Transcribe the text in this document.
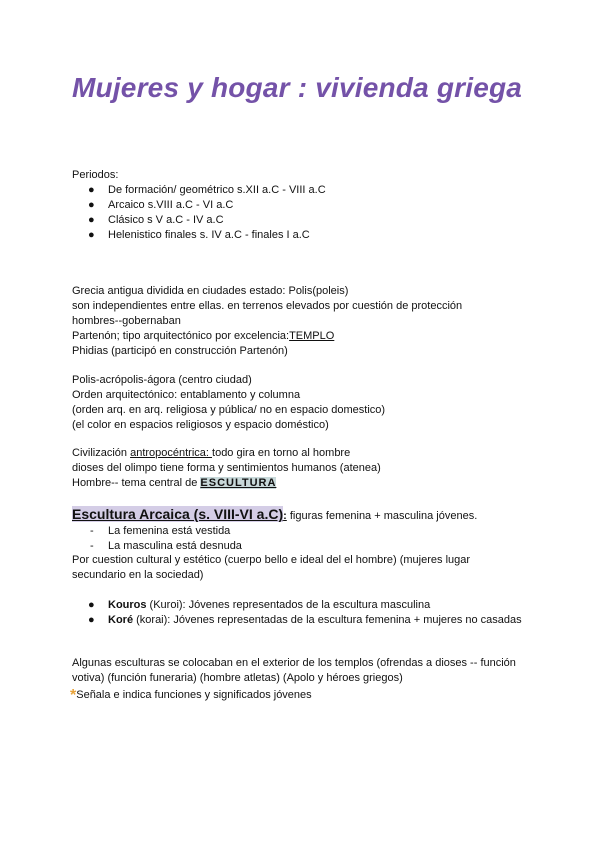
Mujeres y hogar : vivienda griega
Periodos:
● De formación/ geométrico s.XII a.C - VIII a.C
● Arcaico s.VIII a.C - VI a.C
● Clásico s V a.C - IV a.C
● Helenistico finales s. IV a.C - finales I a.C
Grecia antigua dividida en ciudades estado: Polis(poleis)
son independientes entre ellas. en terrenos elevados por cuestión de protección
hombres--gobernaban
Partenón; tipo arquitectónico por excelencia:TEMPLO
Phidias (participó en construcción Partenón)
Polis-acrópolis-ágora (centro ciudad)
Orden arquitectónico: entablamento y columna
(orden arq. en arq. religiosa y pública/ no en espacio domestico)
(el color en espacios religiosos y espacio doméstico)
Civilización antropocéntrica: todo gira en torno al hombre
dioses del olimpo tiene forma y sentimientos humanos (atenea)
Hombre-- tema central de ESCULTURA
Escultura Arcaica (s. VIII-VI a.C): figuras femenina + masculina jóvenes.
- La femenina está vestida
- La masculina está desnuda
Por cuestion cultural y estético (cuerpo bello e ideal del el hombre) (mujeres lugar
secundario en la sociedad)
● Kouros (Kuroi): Jóvenes representados de la escultura masculina
● Koré (korai): Jóvenes representadas de la escultura femenina + mujeres no casadas
Algunas esculturas se colocaban en el exterior de los templos (ofrendas a dioses -- función
votiva) (función funeraria) (hombre atletas) (Apolo y héroes griegos)
*Señala e indica funciones y significados jóvenes
